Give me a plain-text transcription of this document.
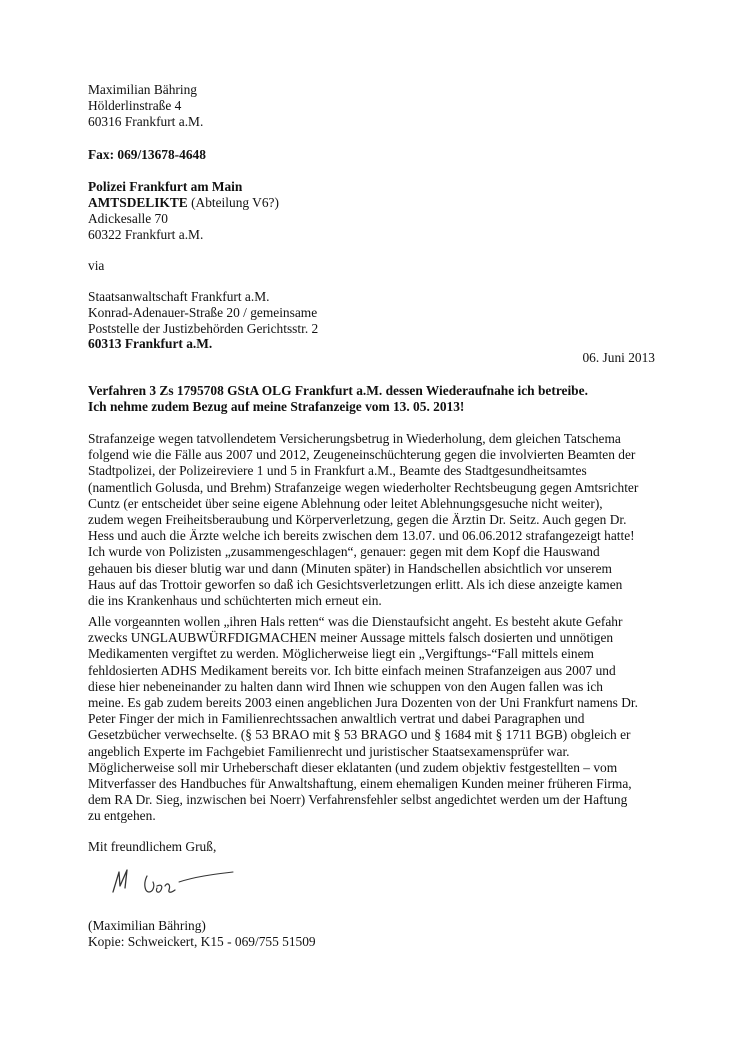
Maximilian Bähring
Hölderlinstraße 4
60316 Frankfurt a.M.
Fax: 069/13678-4648
Polizei Frankfurt am Main
AMTSDELIKTE (Abteilung V6?)
Adickesalle 70
60322 Frankfurt a.M.
via
Staatsanwaltschaft Frankfurt a.M.
Konrad-Adenauer-Straße 20 / gemeinsame
Poststelle der Justizbehörden Gerichtsstr. 2
60313 Frankfurt a.M.
06. Juni 2013
Verfahren 3 Zs 1795708 GStA OLG Frankfurt a.M. dessen Wiederaufnahe ich betreibe.
Ich nehme zudem Bezug auf meine Strafanzeige vom 13. 05. 2013!
Strafanzeige wegen tatvollendetem Versicherungsbetrug in Wiederholung, dem gleichen Tatschema
folgend wie die Fälle aus 2007 und 2012, Zeugeneinschüchterung gegen die involvierten Beamten der
Stadtpolizei, der Polizeireviere 1 und 5 in Frankfurt a.M., Beamte des Stadtgesundheitsamtes
(namentlich Golusda, und Brehm) Strafanzeige wegen wiederholter Rechtsbeugung gegen Amtsrichter
Cuntz (er entscheidet über seine eigene Ablehnung oder leitet Ablehnungsgesuche nicht weiter),
zudem wegen Freiheitsberaubung und Körperverletzung, gegen die Ärztin Dr. Seitz. Auch gegen Dr.
Hess und auch die Ärzte welche ich bereits zwischen dem 13.07. und 06.06.2012 strafangezeigt hatte!
Ich wurde von Polizisten „zusammengeschlagen“, genauer: gegen mit dem Kopf die Hauswand
gehauen bis dieser blutig war und dann (Minuten später) in Handschellen absichtlich vor unserem
Haus auf das Trottoir geworfen so daß ich Gesichtsverletzungen erlitt. Als ich diese anzeigte kamen
die ins Krankenhaus und schüchterten mich erneut ein.
Alle vorgeannten wollen „ihren Hals retten“ was die Dienstaufsicht angeht. Es besteht akute Gefahr
zwecks UNGLAUBWÜRFDIGMACHEN meiner Aussage mittels falsch dosierten und unnötigen
Medikamenten vergiftet zu werden. Möglicherweise liegt ein „Vergiftungs-“Fall mittels einem
fehldosierten ADHS Medikament bereits vor. Ich bitte einfach meinen Strafanzeigen aus 2007 und
diese hier nebeneinander zu halten dann wird Ihnen wie schuppen von den Augen fallen was ich
meine. Es gab zudem bereits 2003 einen angeblichen Jura Dozenten von der Uni Frankfurt namens Dr.
Peter Finger der mich in Familienrechtssachen anwaltlich vertrat und dabei Paragraphen und
Gesetzbücher verwechselte. (§ 53 BRAO mit § 53 BRAGO und § 1684 mit § 1711 BGB) obgleich er
angeblich Experte im Fachgebiet Familienrecht und juristischer Staatsexamensprüfer war.
Möglicherweise soll mir Urheberschaft dieser eklatanten (und zudem objektiv festgestellten – vom
Mitverfasser des Handbuches für Anwaltshaftung, einem ehemaligen Kunden meiner früheren Firma,
dem RA Dr. Sieg, inzwischen bei Noerr) Verfahrensfehler selbst angedichtet werden um der Haftung
zu entgehen.
Mit freundlichem Gruß,
(Maximilian Bähring)
Kopie: Schweickert, K15 - 069/755 51509
